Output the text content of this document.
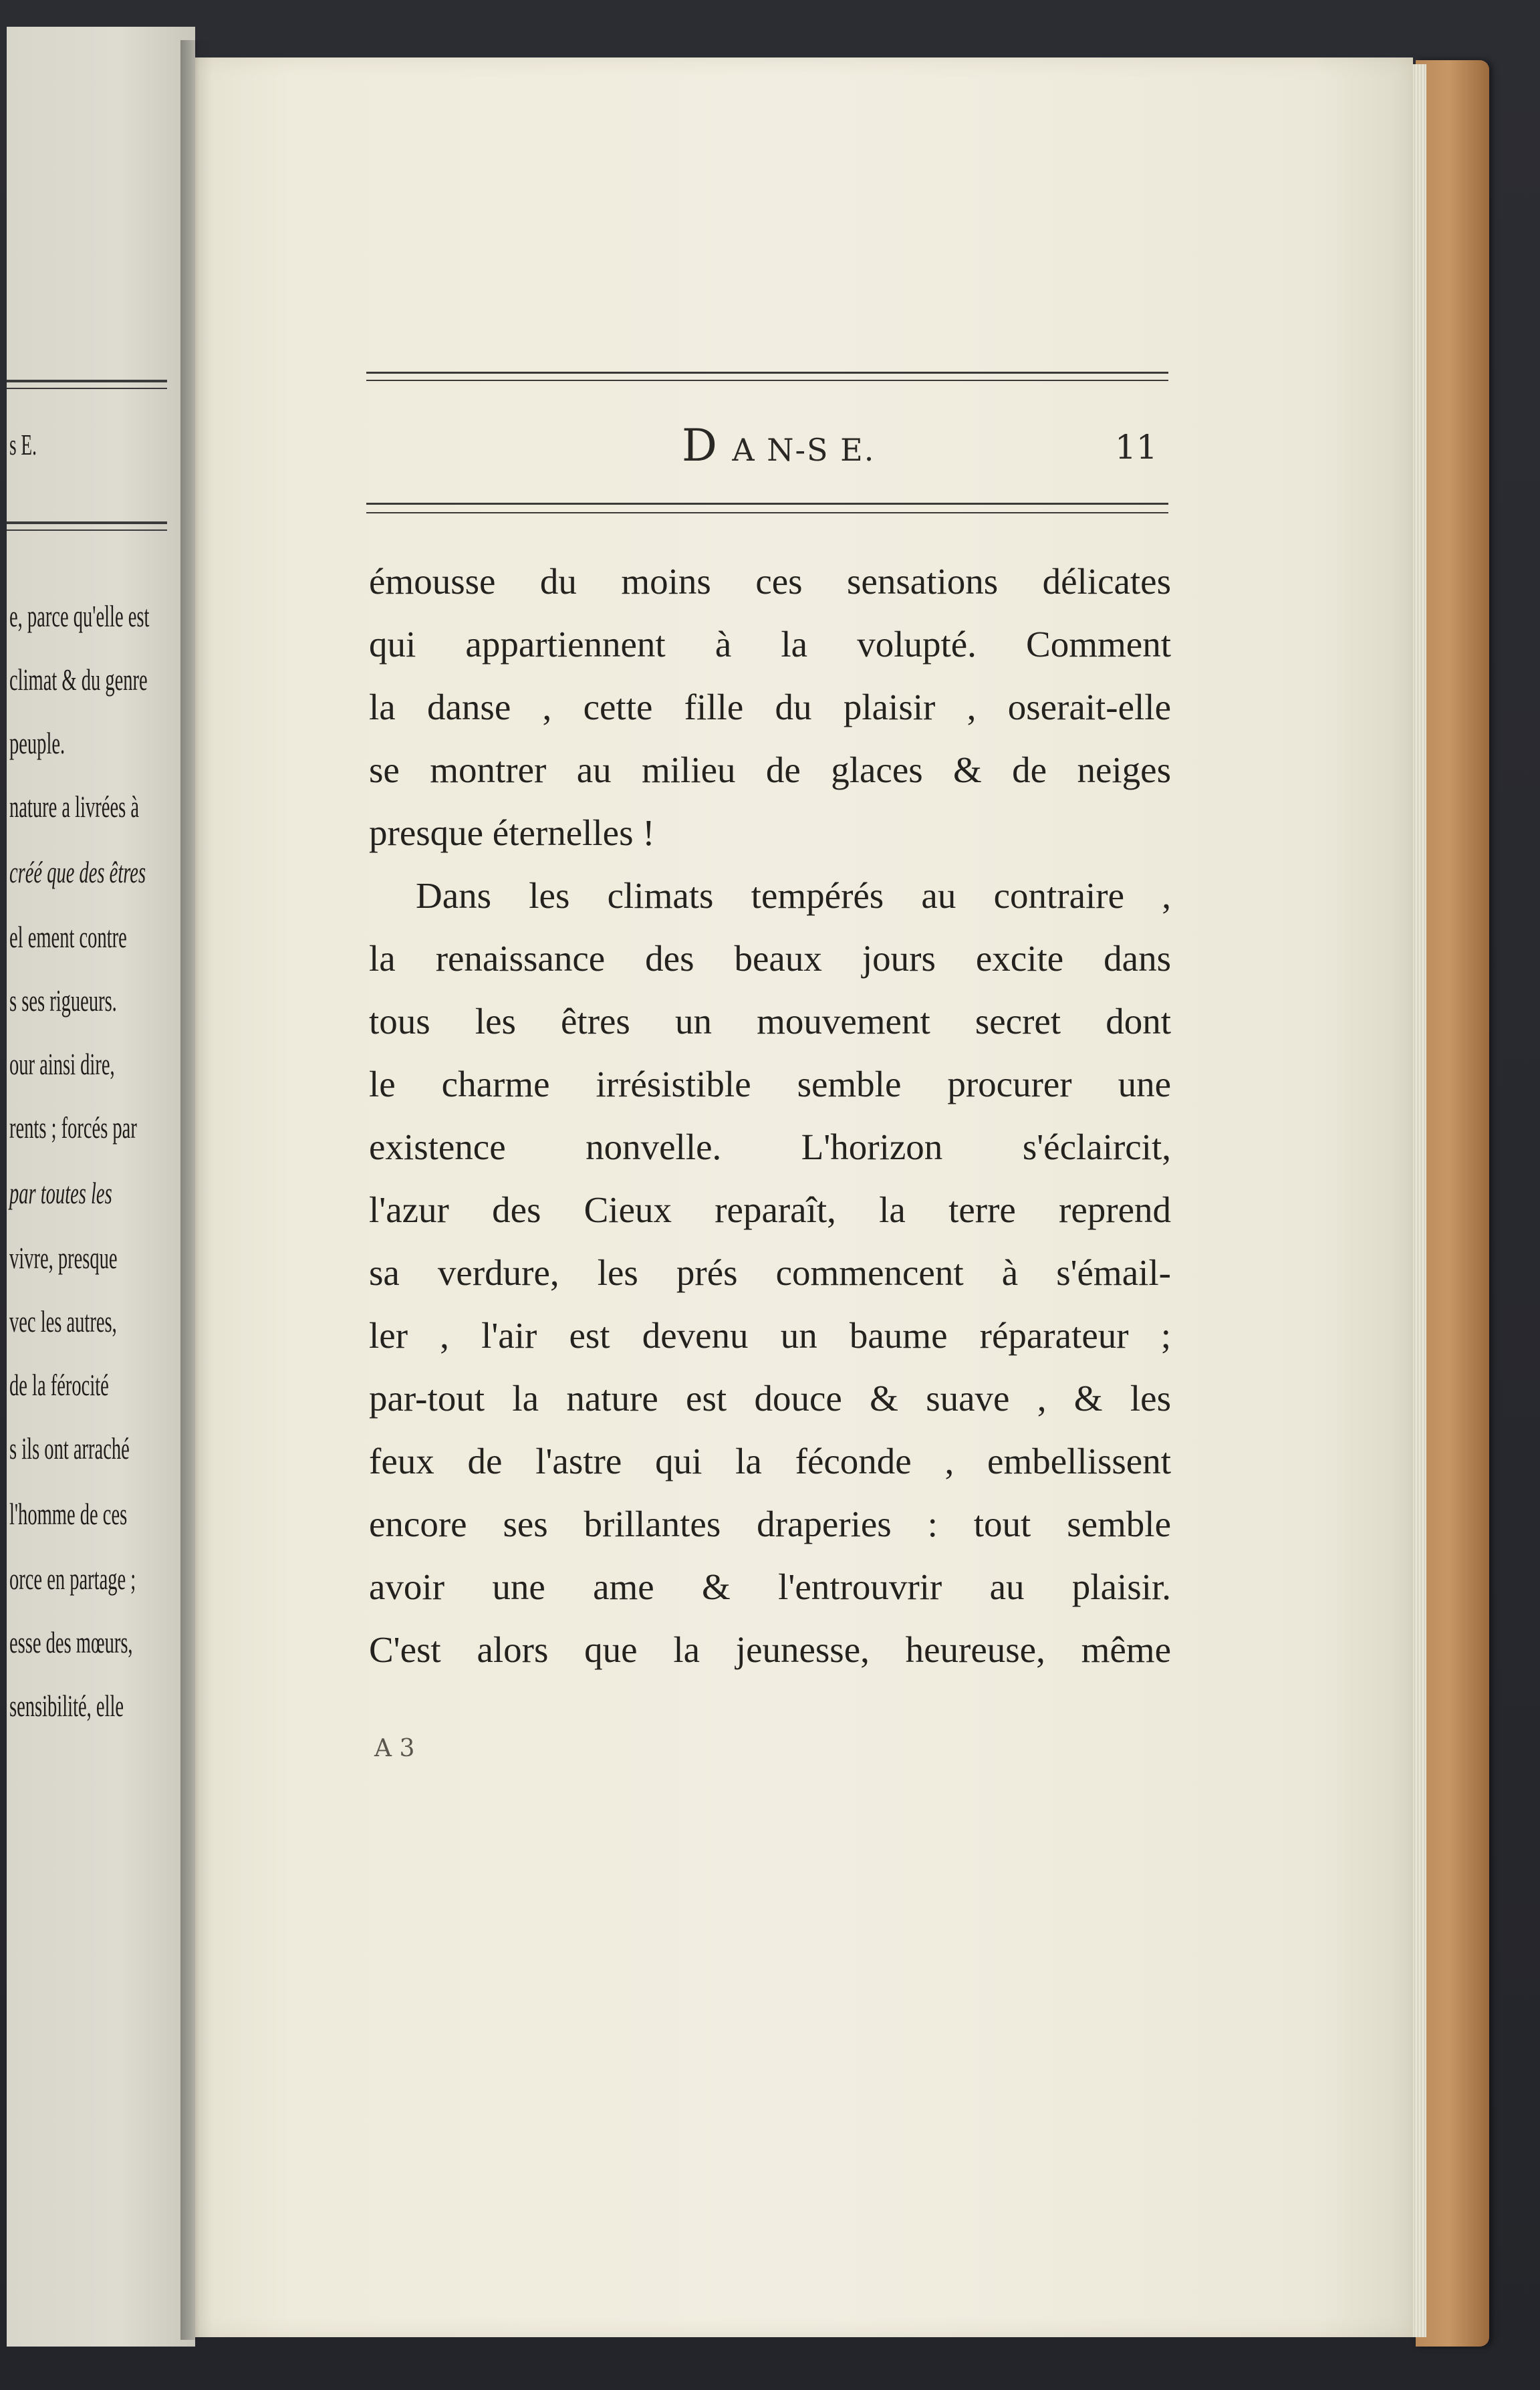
s E.
e, parce qu'elle est
climat & du genre
peuple.
nature a livrées à
créé que des êtres
el ement contre
s ses rigueurs.
our ainsi dire,
rents ; forcés par
par toutes les
vivre, presque
vec les autres,
de la férocité
s ils ont arraché
l'homme de ces
orce en partage ;
esse des mœurs,
sensibilité, elle
D A N-S E.	11
émousse du moins ces sensations délicates
qui appartiennent à la volupté. Comment
la danse , cette fille du plaisir , oserait-elle
se montrer au milieu de glaces & de neiges
presque éternelles !
Dans les climats tempérés au contraire ,
la renaissance des beaux jours excite dans
tous les êtres un mouvement secret dont
le charme irrésistible semble procurer une
existence nonvelle. L'horizon s'éclaircit,
l'azur des Cieux reparaît, la terre reprend
sa verdure, les prés commencent à s'émail-
ler , l'air est devenu un baume réparateur ;
par-tout la nature est douce & suave , & les
feux de l'astre qui la féconde , embellissent
encore ses brillantes draperies : tout semble
avoir une ame & l'entrouvrir au plaisir.
C'est alors que la jeunesse, heureuse, même
A 3
